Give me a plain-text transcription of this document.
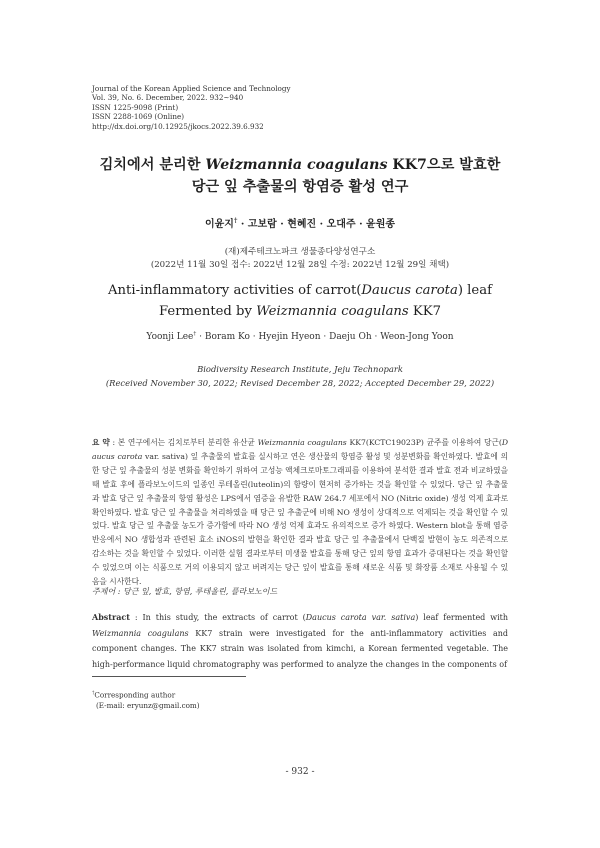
Journal of the Korean Applied Science and Technology
Vol. 39, No. 6. December, 2022. 932~940
ISSN 1225-9098 (Print)
ISSN 2288-1069 (Online)
http://dx.doi.org/10.12925/jkocs.2022.39.6.932
김치에서 분리한 Weizmannia coagulans KK7으로 발효한
당근 잎 추출물의 항염증 활성 연구
이윤지† · 고보람 · 현혜진 · 오대주 · 윤원종
(재)제주테크노파크 생물종다양성연구소
(2022년 11월 30일 접수: 2022년 12월 28일 수정: 2022년 12월 29일 채택)
Anti-inflammatory activities of carrot(Daucus carota) leaf
Fermented by Weizmannia coagulans KK7
Yoonji Lee† · Boram Ko · Hyejin Hyeon · Daeju Oh · Weon-Jong Yoon
Biodiversity Research Institute, Jeju Technopark
(Received November 30, 2022; Revised December 28, 2022; Accepted December 29, 2022)
요 약 : 본 연구에서는 김치로부터 분리한 유산균 Weizmannia coagulans KK7(KCTC19023P) 균주를 이용하여 당근(Daucus carota var. sativa) 잎 추출물의 발효를 실시하고 연은 생산물의 항염증 활성 및 성분변화를 확인하였다. 발효에 의한 당근 잎 추출물의 성분 변화를 확인하기 위하여 고성능 액체크로마토그래피를 이용하여 분석한 결과 발효 전과 비교하였을 때 발효 후에 플라보노이드의 일종인 루테올린(luteolin)의 함량이 현저히 증가하는 것을 확인할 수 있었다. 당근 잎 추출물과 발효 당근 잎 추출물의 항염 활성은 LPS에서 염증을 유발한 RAW 264.7 세포에서 NO (Nitric oxide) 생성 억제 효과로 확인하였다. 발효 당근 잎 추출물을 처리하였을 때 당근 잎 추출군에 비해 NO 생성이 상대적으로 억제되는 것을 확인할 수 있었다. 발효 당근 잎 추출물 농도가 증가함에 따라 NO 생성 억제 효과도 유의적으로 증가 하였다. Western blot을 통해 염증반응에서 NO 생합성과 관련된 효소 iNOS의 발현을 확인한 결과 발효 당근 잎 추출물에서 단백질 발현이 농도 의존적으로 감소하는 것을 확인할 수 있었다. 이러한 실험 결과로부터 미생물 발효를 통해 당근 잎의 항염 효과가 증대된다는 것을 확인할 수 있었으며 이는 식품으로 거의 이용되지 않고 버려지는 당근 잎이 발효를 통해 새로운 식품 및 화장품 소재로 사용될 수 있음을 시사한다.
주제어 : 당근 잎, 발효, 항염, 루테올린, 플라보노이드
Abstract : In this study, the extracts of carrot (Daucus carota var. sativa) leaf fermented with Weizmannia coagulans KK7 strain were investigated for the anti-inflammatory activities and component changes. The KK7 strain was isolated from kimchi, a Korean fermented vegetable. The high-performance liquid chromatography was performed to analyze the changes in the components of
†Corresponding author
(E-mail: eryunz@gmail.com)
- 932 -
